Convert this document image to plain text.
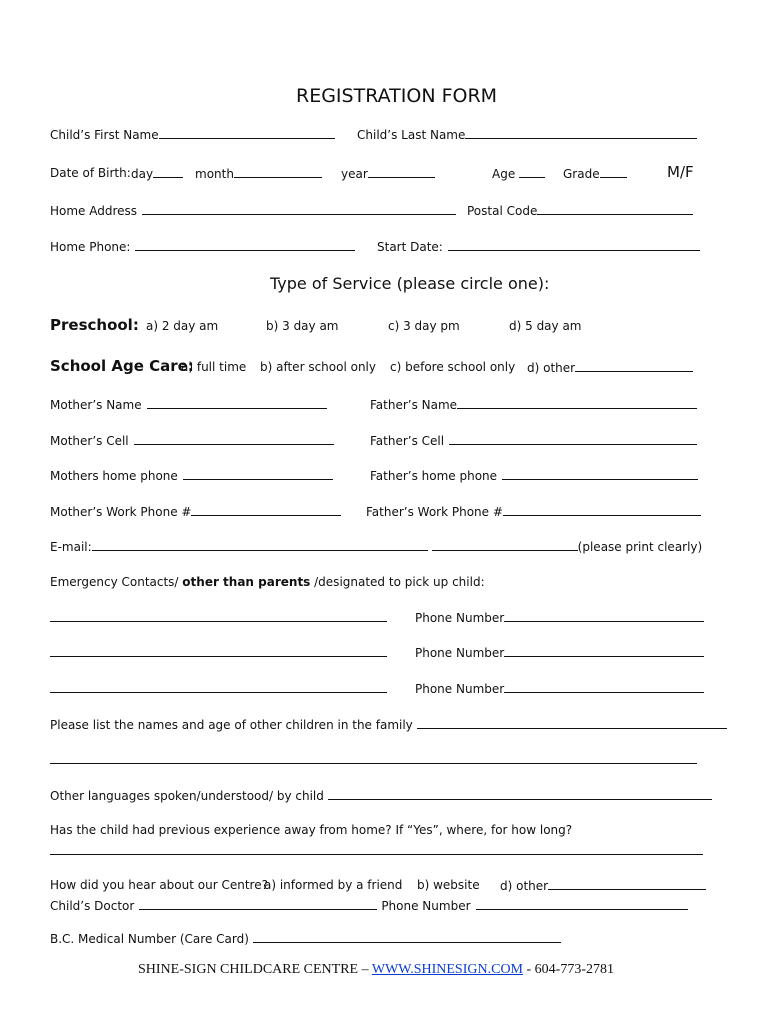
REGISTRATION FORM
Child’s First Name	Child’s Last Name
Date of Birth: day	month	year	Age	Grade	M/F
Home Address	Postal Code
Home Phone:	Start Date:
Type of Service (please circle one):
Preschool: a) 2 day am	b) 3 day am	c) 3 day pm	d) 5 day am
School Age Care:
a) full time b) after school only c) before school only d) other
Mother’s Name	Father’s Name
Mother’s Cell	Father’s Cell
Mothers home phone	Father’s home phone
Mother’s Work Phone #	Father’s Work Phone #
E-mail:	(please print clearly)
Emergency Contacts/ other than parents /designated to pick up child:
Phone Number
Phone Number
Phone Number
Please list the names and age of other children in the family
Other languages spoken/understood/ by child
Has the child had previous experience away from home? If “Yes”, where, for how long?
How did you hear about our Centre?
a) informed by a friend b) website d) other
Child’s Doctor	Phone Number
B.C. Medical Number (Care Card)
SHINE-SIGN CHILDCARE CENTRE – WWW.SHINESIGN.COM - 604-773-2781
